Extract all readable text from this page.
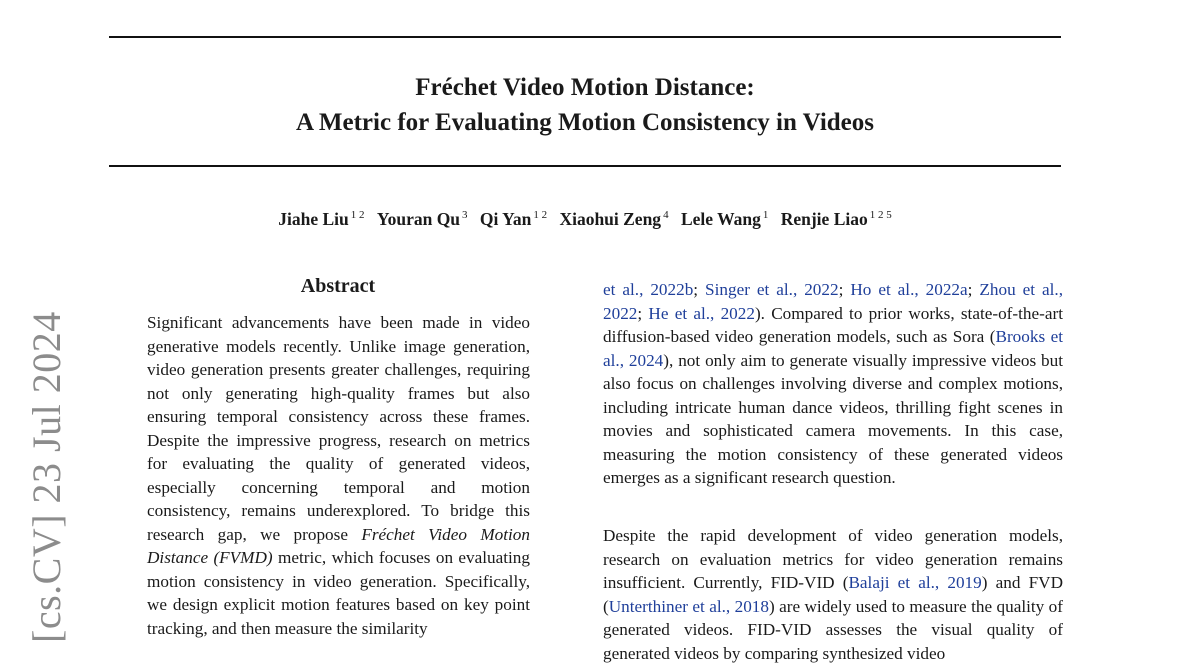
Fréchet Video Motion Distance:
A Metric for Evaluating Motion Consistency in Videos
Jiahe Liu $^{1 2}$ Youran Qu $^3$ Qi Yan $^{1 2}$ Xiaohui Zeng $^4$ Lele Wang $^1$ Renjie Liao $^{1 2 5}$
[cs.CV] 23 Jul 2024
Abstract

Significant advancements have been made in video generative models recently. Unlike image generation, video generation presents greater challenges, requiring not only generating high-quality frames but also ensuring temporal consistency across these frames. Despite the impressive progress, research on metrics for evaluating the quality of generated videos, especially concerning temporal and motion consistency, remains underexplored. To bridge this research gap, we propose Fréchet Video Motion Distance (FVMD) metric, which focuses on evaluating motion consistency in video generation. Specifically, we design explicit motion features based on key point tracking, and then measure the similarity

et al., 2022b; Singer et al., 2022; Ho et al., 2022a; Zhou et al., 2022; He et al., 2022). Compared to prior works, state-of-the-art diffusion-based video generation models, such as Sora (Brooks et al., 2024), not only aim to generate visually impressive videos but also focus on challenges involving diverse and complex motions, including intricate human dance videos, thrilling fight scenes in movies and sophisticated camera movements. In this case, measuring the motion consistency of these generated videos emerges as a significant research question.

Despite the rapid development of video generation models, research on evaluation metrics for video generation remains insufficient. Currently, FID-VID (Balaji et al., 2019) and FVD (Unterthiner et al., 2018) are widely used to measure the quality of generated videos. FID-VID assesses the visual quality of generated videos by comparing synthesized video
